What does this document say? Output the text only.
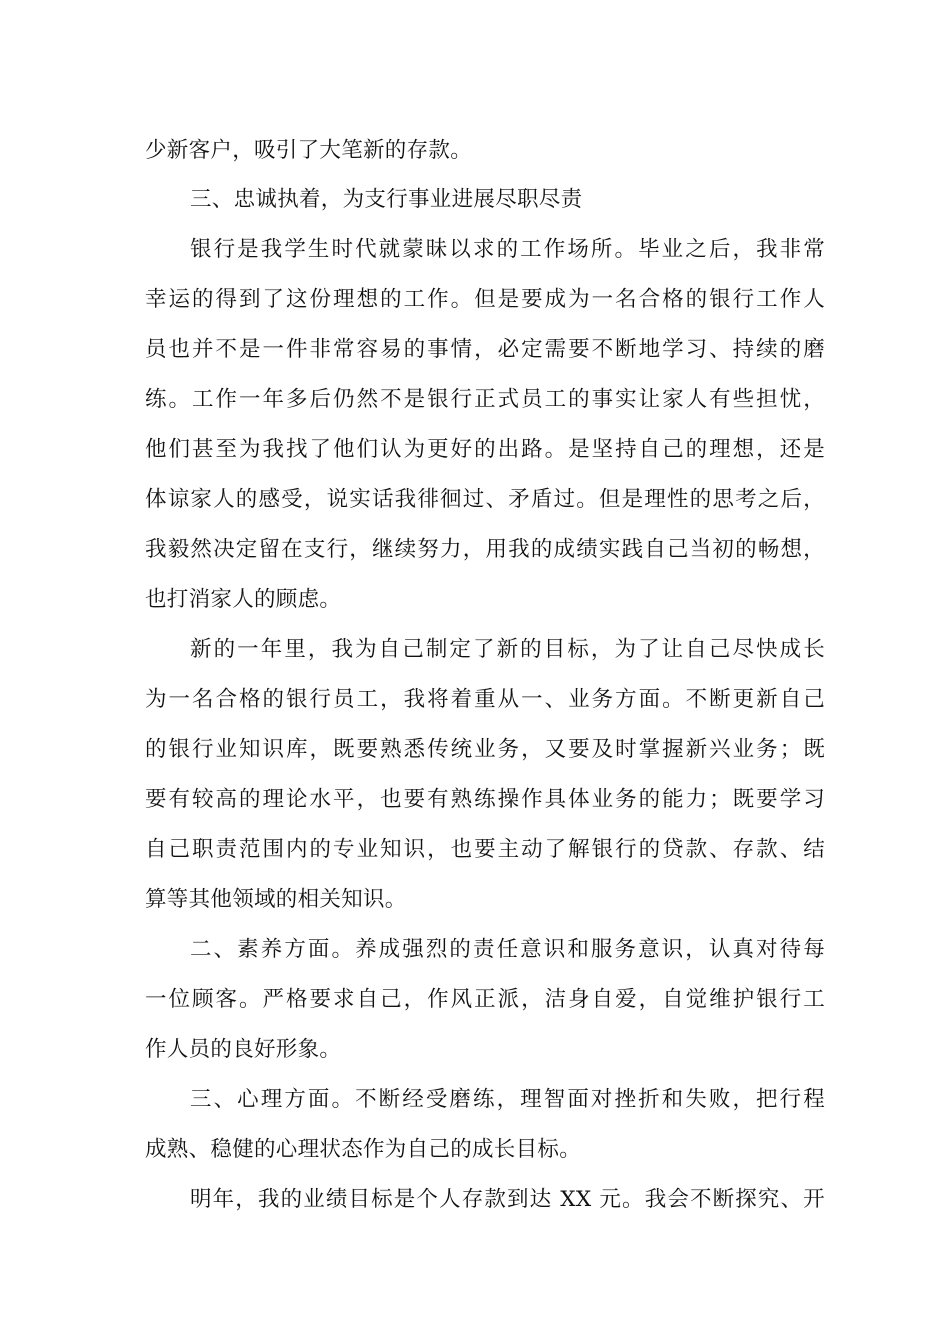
少新客户，吸引了大笔新的存款。
三、忠诚执着，为支行事业进展尽职尽责
银行是我学生时代就蒙昧以求的工作场所。毕业之后，我非常
幸运的得到了这份理想的工作。但是要成为一名合格的银行工作人
员也并不是一件非常容易的事情，必定需要不断地学习、持续的磨
练。工作一年多后仍然不是银行正式员工的事实让家人有些担忧，
他们甚至为我找了他们认为更好的出路。是坚持自己的理想，还是
体谅家人的感受，说实话我徘徊过、矛盾过。但是理性的思考之后，
我毅然决定留在支行，继续努力，用我的成绩实践自己当初的畅想，
也打消家人的顾虑。
新的一年里，我为自己制定了新的目标，为了让自己尽快成长
为一名合格的银行员工，我将着重从一、业务方面。不断更新自己
的银行业知识库，既要熟悉传统业务，又要及时掌握新兴业务；既
要有较高的理论水平，也要有熟练操作具体业务的能力；既要学习
自己职责范围内的专业知识，也要主动了解银行的贷款、存款、结
算等其他领域的相关知识。
二、素养方面。养成强烈的责任意识和服务意识，认真对待每
一位顾客。严格要求自己，作风正派，洁身自爱，自觉维护银行工
作人员的良好形象。
三、心理方面。不断经受磨练，理智面对挫折和失败，把行程
成熟、稳健的心理状态作为自己的成长目标。
明年，我的业绩目标是个人存款到达 XX 元。我会不断探究、开
